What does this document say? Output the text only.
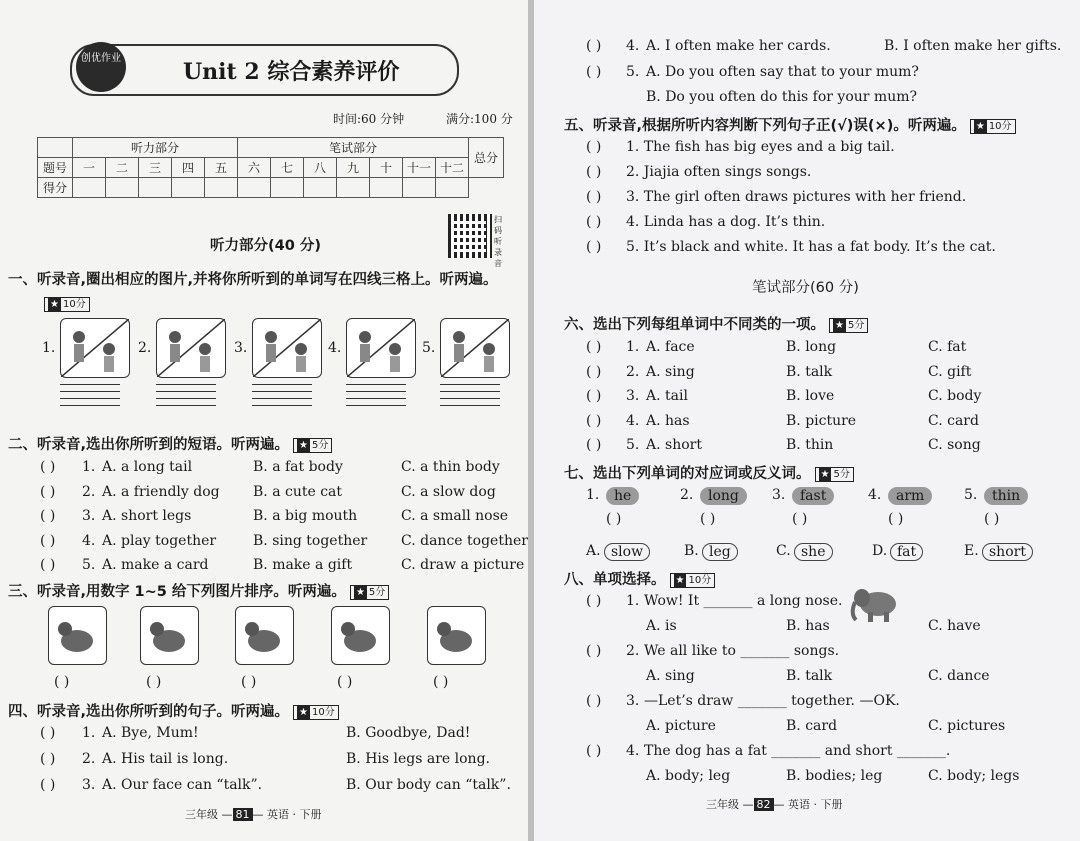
创优作业
Unit 2 综合素养评价
时间:60 分钟	满分:100 分
	听力部分					笔试部分							总分
题号	一	二	三	四	五	六	七	八	九	十	十一	十二	
得分													
听力部分(40 分)
扫码听录音
一、听录音,圈出相应的图片,并将你所听到的单词写在四线三格上。听两遍。
★ 10分
二、听录音,选出你所听到的短语。听两遍。 ★ 5分
三、听录音,用数字 1~5 给下列图片排序。听两遍。 ★ 5分
四、听录音,选出你所听到的句子。听两遍。 ★ 10分
三年级 — 81 — 英语 · 下册
1.	2.	3.	4.	5.
( ) 1. A. a long tail	B. a fat body	C. a thin body
( ) 2. A. a friendly dog B. a cute cat	C. a slow dog
( ) 3. A. short legs	B. a big mouth	C. a small nose
( ) 4. A. play together	B. sing together C. dance together
( ) 5. A. make a card	B. make a gift	C. draw a picture
( )	( )	( )	( )	( )
( ) 1. A. Bye, Mum!	B. Goodbye, Dad!
( ) 2. A. His tail is long.	B. His legs are long.
( ) 3. A. Our face can “talk”.	B. Our body can “talk”.
五、听录音,根据所听内容判断下列句子正(√)误(×)。听两遍。 ★ 10分
笔试部分(60 分)
六、选出下列每组单词中不同类的一项。 ★ 5分
七、选出下列单词的对应词或反义词。 ★ 5分
八、单项选择。 ★ 10分
三年级 — 82 — 英语 · 下册
( ) 4. A. I often make her cards.
( ) 5. A. Do you often say that to your mum?
B. I often make her gifts.
B. Do you often do this for your mum?
( ) 1. The fish has big eyes and a big tail.
( ) 2. Jiajia often sings songs.
( ) 3. The girl often draws pictures with her friend.
( ) 4. Linda has a dog. It’s thin.
( ) 5. It’s black and white. It has a fat body. It’s the cat.
( ) 1. A. face	B. long	C. fat
( ) 2. A. sing	B. talk	C. gift
( ) 3. A. tail	B. love	C. body
( ) 4. A. has	B. picture	C. card
( ) 5. A. short	B. thin	C. song
1.	he
( )
2.	long
( )
3.	fast
( )
4.	arm
( )
5.	thin
( )
A. slow	B. leg	C. she	D. fat	E. short
( ) 1. Wow! It _______ a long nose.
A. is	B. has	C. have
( ) 2. We all like to _______ songs.
A. sing	B. talk	C. dance
( ) 3. —Let’s draw _______ together. —OK.
A. picture	B. card	C. pictures
( ) 4. The dog has a fat _______ and short _______.
A. body; leg	B. bodies; leg	C. body; legs
